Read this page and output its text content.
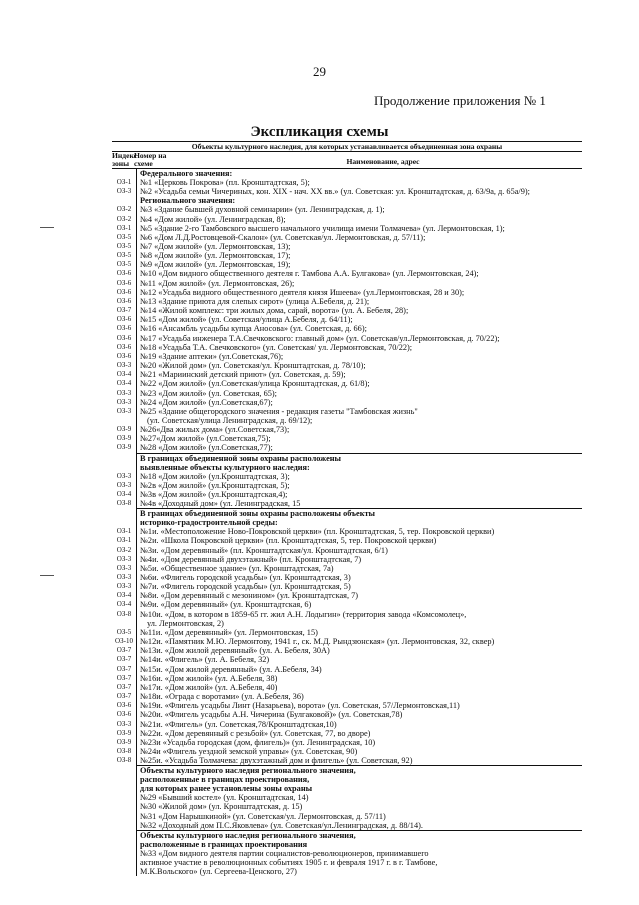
29
Продолжение приложения № 1
Экспликация схемы
Объекты культурного наследия, для которых устанавливается объединенная зона охраны
Индекс зоны
Номер на схеме	Наименование, адрес
Федерального значения:
ОЗ-1	№1 «Церковь Покрова» (пл. Кронштадтская, 5);
ОЗ-3	№2 «Усадьба семьи Чичериных, кон. XIX - нач. XX вв.» (ул. Советская: ул. Кронштадтская, д. 63/9а, д. 65а/9);
Регионального значения:
ОЗ-2	№3 «Здание бывшей духовной семинарии» (ул. Ленинградская, д. 1);
ОЗ-2	№4 «Дом жилой» (ул. Ленинградская, 8);
ОЗ-1	№5 «Здание 2-го Тамбовского высшего начального училища имени Толмачева» (ул. Лермонтовская, 1);
ОЗ-5	№6 «Дом Л.Д.Ростовцевой-Скалон» (ул. Советская/ул. Лермонтовская, д. 57/11);
ОЗ-5	№7 «Дом жилой» (ул. Лермонтовская, 13);
ОЗ-5	№8 «Дом жилой» (ул. Лермонтовская, 17);
ОЗ-5	№9 «Дом жилой» (ул. Лермонтовская, 19);
ОЗ-6	№10 «Дом видного общественного деятеля г. Тамбова А.А. Булгакова» (ул. Лермонтовская, 24);
ОЗ-6	№11 «Дом жилой» (ул. Лермонтовская, 26);
ОЗ-6	№12 «Усадьба видного общественного деятеля князя Ишеева» (ул.Лермонтовская, 28 и 30);
ОЗ-6	№13 «Здание приюта для слепых сирот» (улица А.Бебеля, д. 21);
ОЗ-7	№14 «Жилой комплекс: три жилых дома, сарай, ворота» (ул. А. Бебеля, 28);
ОЗ-6	№15 «Дом жилой» (ул. Советская/улица А.Бебеля, д. 64/11);
ОЗ-6	№16 «Ансамбль усадьбы купца Аносова» (ул. Советская, д. 66);
ОЗ-6	№17 «Усадьба инженера Т.А.Свечковского: главный дом» (ул. Советская/ул.Лермонтовская, д. 70/22);
ОЗ-6	№18 «Усадьба Т.А. Свечковского» (ул. Советская/ ул. Лермонтовская, 70/22);
ОЗ-6	№19 «Здание аптеки» (ул.Советская,76);
ОЗ-3	№20 «Жилой дом» (ул. Советская/ул. Кронштадтская, д. 78/10);
ОЗ-4	№21 «Мариинский детский приют» (ул. Советская, д. 59);
ОЗ-4	№22 «Дом жилой» (ул.Советская/улица Кронштадтская, д. 61/8);
ОЗ-3	№23 «Дом жилой» (ул. Советская, 65);
ОЗ-3	№24 «Дом жилой» (ул.Советская,67);
ОЗ-3	№25 «Здание общегородского значения - редакция газеты "Тамбовская жизнь"
(ул. Советская/улица Ленинградская, д. 69/12);
ОЗ-9	№26«Два жилых дома» (ул.Советская,73);
ОЗ-9	№27«Дом жилой» (ул.Советская,75);
ОЗ-9	№28 «Дом жилой» (ул.Советская,77);
В границах объединенной зоны охраны расположены
выявленные объекты культурного наследия:
ОЗ-3	№18 «Дом жилой» (ул.Кронштадтская, 3);
ОЗ-3	№2в «Дом жилой» (ул.Кронштадтская, 5);
ОЗ-4	№3в «Дом жилой» (ул.Кронштадтская,4);
ОЗ-8	№4в «Доходный дом» (ул. Ленинградская, 15
В границах объединенной зоны охраны расположены объекты
историко-градостроительной среды:
ОЗ-1	№1и. «Местоположение Ново-Покровской церкви» (пл. Кронштадтская, 5, тер. Покровской церкви)
ОЗ-1	№2и. «Школа Покровской церкви» (пл. Кронштадтская, 5, тер. Покровской церкви)
ОЗ-2	№3и. «Дом деревянный» (пл. Кронштадтская/ул. Кронштадтская, 6/1)
ОЗ-3	№4и. «Дом деревянный двухэтажный» (пл. Кронштадтская, 7)
ОЗ-3	№5и. «Общественное здание» (ул. Кронштадтская, 7а)
ОЗ-3	№6и. «Флигель городской усадьбы» (ул. Кронштадтская, 3)
ОЗ-3	№7и. «Флигель городской усадьбы» (ул. Кронштадтская, 5)
ОЗ-4	№8и. «Дом деревянный с мезонином» (ул. Кронштадтская, 7)
ОЗ-4	№9и. «Дом деревянный» (ул. Кронштадтская, 6)
ОЗ-8	№10и. «Дом, в котором в 1859-65 гг. жил А.Н. Лодыгин» (территория завода «Комсомолец»,
ул. Лермонтовская, 2)
ОЗ-5	№11и. «Дом деревянный» (ул. Лермонтовская, 15)
ОЗ-10 №12и. «Памятник М.Ю. Лермонтову, 1941 г., ск. М.Д. Рындзюнская» (ул. Лермонтовская, 32, сквер)
ОЗ-7	№13и. «Дом жилой деревянный» (ул. А. Бебеля, 30А)
ОЗ-7	№14и. «Флигель» (ул. А. Бебеля, 32)
ОЗ-7	№15и. «Дом жилой деревянный» (ул. А.Бебеля, 34)
ОЗ-7	№16и. «Дом жилой» (ул. А.Бебеля, 38)
ОЗ-7	№17и. «Дом жилой» (ул. А.Бебеля, 40)
ОЗ-7	№18и. «Ограда с воротами» (ул. А.Бебеля, 36)
ОЗ-6	№19и. «Флигель усадьбы Линт (Назарьева), ворота» (ул. Советская, 57/Лермонтовская,11)
ОЗ-6	№20и. «Флигель усадьбы А.Н. Чичерина (Булгаковой)» (ул. Советская,78)
ОЗ-3	№21и. «Флигель» (ул. Советская,78/Кронштадтская,10)
ОЗ-9	№22и. «Дом деревянный с резьбой» (ул. Советская, 77, во дворе)
ОЗ-9	№23и «Усадьба городская (дом, флигель)» (ул. Ленинградская, 10)
ОЗ-8	№24и «Флигель уездной земской управы» (ул. Советская, 90)
ОЗ-8	№25и. «Усадьба Толмачева: двухэтажный дом и флигель» (ул. Советская, 92)
Объекты культурного наследия регионального значения,
расположенные в границах проектирования,
для которых ранее установлены зоны охраны
№29 «Бывший костел» (ул. Кронштадтская, 14)
№30 «Жилой дом» (ул. Кронштадтская, д. 15)
№31 «Дом Нарышкиной» (ул. Советская/ул. Лермонтовская, д. 57/11)
№32 «Доходный дом П.С.Яковлева» (ул. Советская/ул.Ленинградская, д. 88/14).
Объекты культурного наследия регионального значения,
расположенные в границах проектирования
№33 «Дом видного деятеля партии социалистов-революционеров, принимавшего
активное участие в революционных событиях 1905 г. и февраля 1917 г. в г. Тамбове,
М.К.Вольского» (ул. Сергеева-Ценского, 27)
